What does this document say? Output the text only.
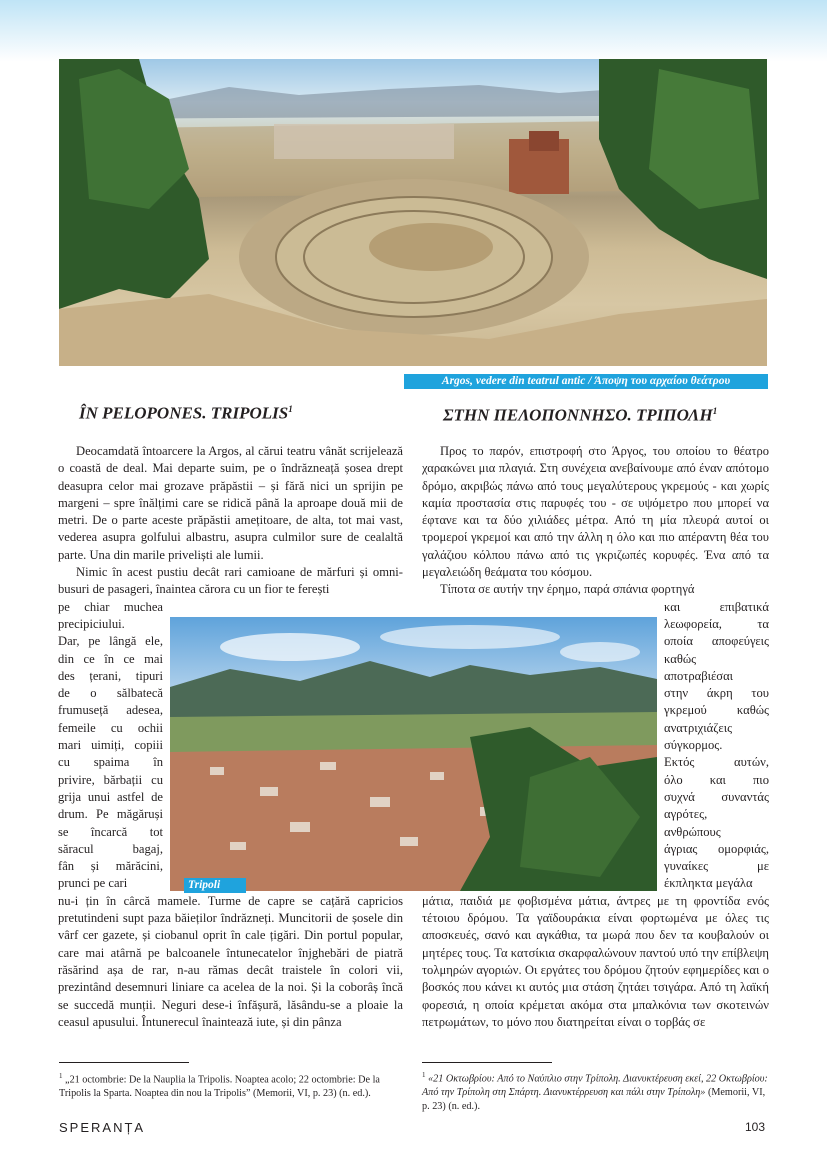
Argos, vedere din teatrul antic / Άποψη του αρχαίου θεάτρου
ÎN PELOPONES. TRIPOLIS$^1$	ΣΤΗΝ ΠΕΛΟΠΟΝΝΗΣΟ. ΤΡΙΠΟΛΗ$^1$

Deocamdată întoarcere la Argos, al cărui teatru vânăt scrijelează o coastă de deal. Mai departe suim, pe o îndrăzneață șosea drept deasupra celor mai grozave prăpăstii – și fără nici un sprijin pe margeni – spre înălțimi care se ridică până la aproape două mii de metri. De o parte aceste prăpăstii amețitoare, de alta, tot mai vast, vederea asupra golfului albastru, asupra culmilor sure de cealaltă parte. Una din marile priveliști ale lumii.

Nimic în acest pustiu decât rari camioane de mărfuri și omni- busuri de pasageri, înaintea cărora cu un fior te ferești

pe chiar muchea
precipiciului.
Dar, pe lângă ele,
din ce în ce mai
des țerani, tipuri
de o sălbatecă
frumuseță adesea,
femeile cu ochii
mari uimiți, copiii
cu spaima în
privire, bărbații cu
grija unui astfel de
drum. Pe măgăruși
se încarcă tot
săracul bagaj,
fân și mărăcini,
prunci pe cari
nu-i țin în cârcă mamele. Turme de capre se cațără capricios pretutindeni supt paza băieților îndrăzneți. Muncitorii de șosele din vârf cer gazete, și ciobanul oprit în cale țigări. Din portul popular, care mai atârnă pe balcoanele întunecatelor înjghebări de piatră răsărind așa de rar, n-au rămas decât traistele în colori vii, prezintând desemnuri liniare ca acelea de la noi. Și la coborâș încă se succedă munții. Neguri dese-i înfășură, lăsându-se a ploaie la ceasul apusului. Întunerecul înaintează iute, și din pânza

Προς το παρόν, επιστροφή στο Άργος, του οποίου το θέατρο χαρακώνει μια πλαγιά. Στη συνέχεια ανεβαίνουμε από έναν απότομο δρόμο, ακριβώς πάνω από τους μεγαλύτερους γκρεμούς - και χωρίς καμία προστασία στις παρυφές του - σε υψόμετρο που μπορεί να έφτανε και τα δύο χιλιάδες μέτρα. Από τη μία πλευρά αυτοί οι τρομεροί γκρεμοί και από την άλλη η όλο και πιο απέραντη θέα του γαλάζιου κόλπου πάνω από τις γκριζωπές κορυφές. Ένα από τα μεγαλειώδη θεάματα του κόσμου.

Τίποτα σε αυτήν την έρημο, παρά σπάνια φορτηγά

και επιβατικά
λεωφορεία, τα
οποία αποφεύγεις
καθώς
αποτραβιέσαι
στην άκρη του
γκρεμού καθώς
ανατριχιάζεις
σύγκορμος.
Εκτός αυτών,
όλο και πιο
συχνά συναντάς
αγρότες,
ανθρώπους
άγριας ομορφιάς,
γυναίκες με
έκπληκτα μεγάλα
μάτια, παιδιά με φοβισμένα μάτια, άντρες με τη φροντίδα ενός τέτοιου δρόμου. Τα γαϊδουράκια είναι φορτωμένα με όλες τις αποσκευές, σανό και αγκάθια, τα μωρά που δεν τα κουβαλούν οι μητέρες τους. Τα κατσίκια σκαρφαλώνουν παντού υπό την επίβλεψη τολμηρών αγοριών. Οι εργάτες του δρόμου ζητούν εφημερίδες και ο βοσκός που κάνει κι αυτός μια στάση ζητάει τσιγάρα. Από τη λαϊκή φορεσιά, η οποία κρέμεται ακόμα στα μπαλκόνια των σκοτεινών πετρωμάτων, το μόνο που διατηρείται είναι ο τορβάς σε
Tripoli
$^1$ „21 octombrie: De la Nauplia la Tripolis. Noaptea acolo; 22 octombrie: De la Tripolis la Sparta. Noaptea din nou la Tripolis” (Memorii, VI, p. 23) (n. ed.).
$^1$ «21 Οκτωβρίου: Από το Ναύπλιο στην Τρίπολη. Διανυκτέρευση εκεί, 22 Οκτωβρίου: Από την Τρίπολη στη Σπάρτη. Διανυκτέρρευση και πάλι στην Τρίπολη» (Memorii, VI, p. 23) (n. ed.).
SPERANȚA	103
